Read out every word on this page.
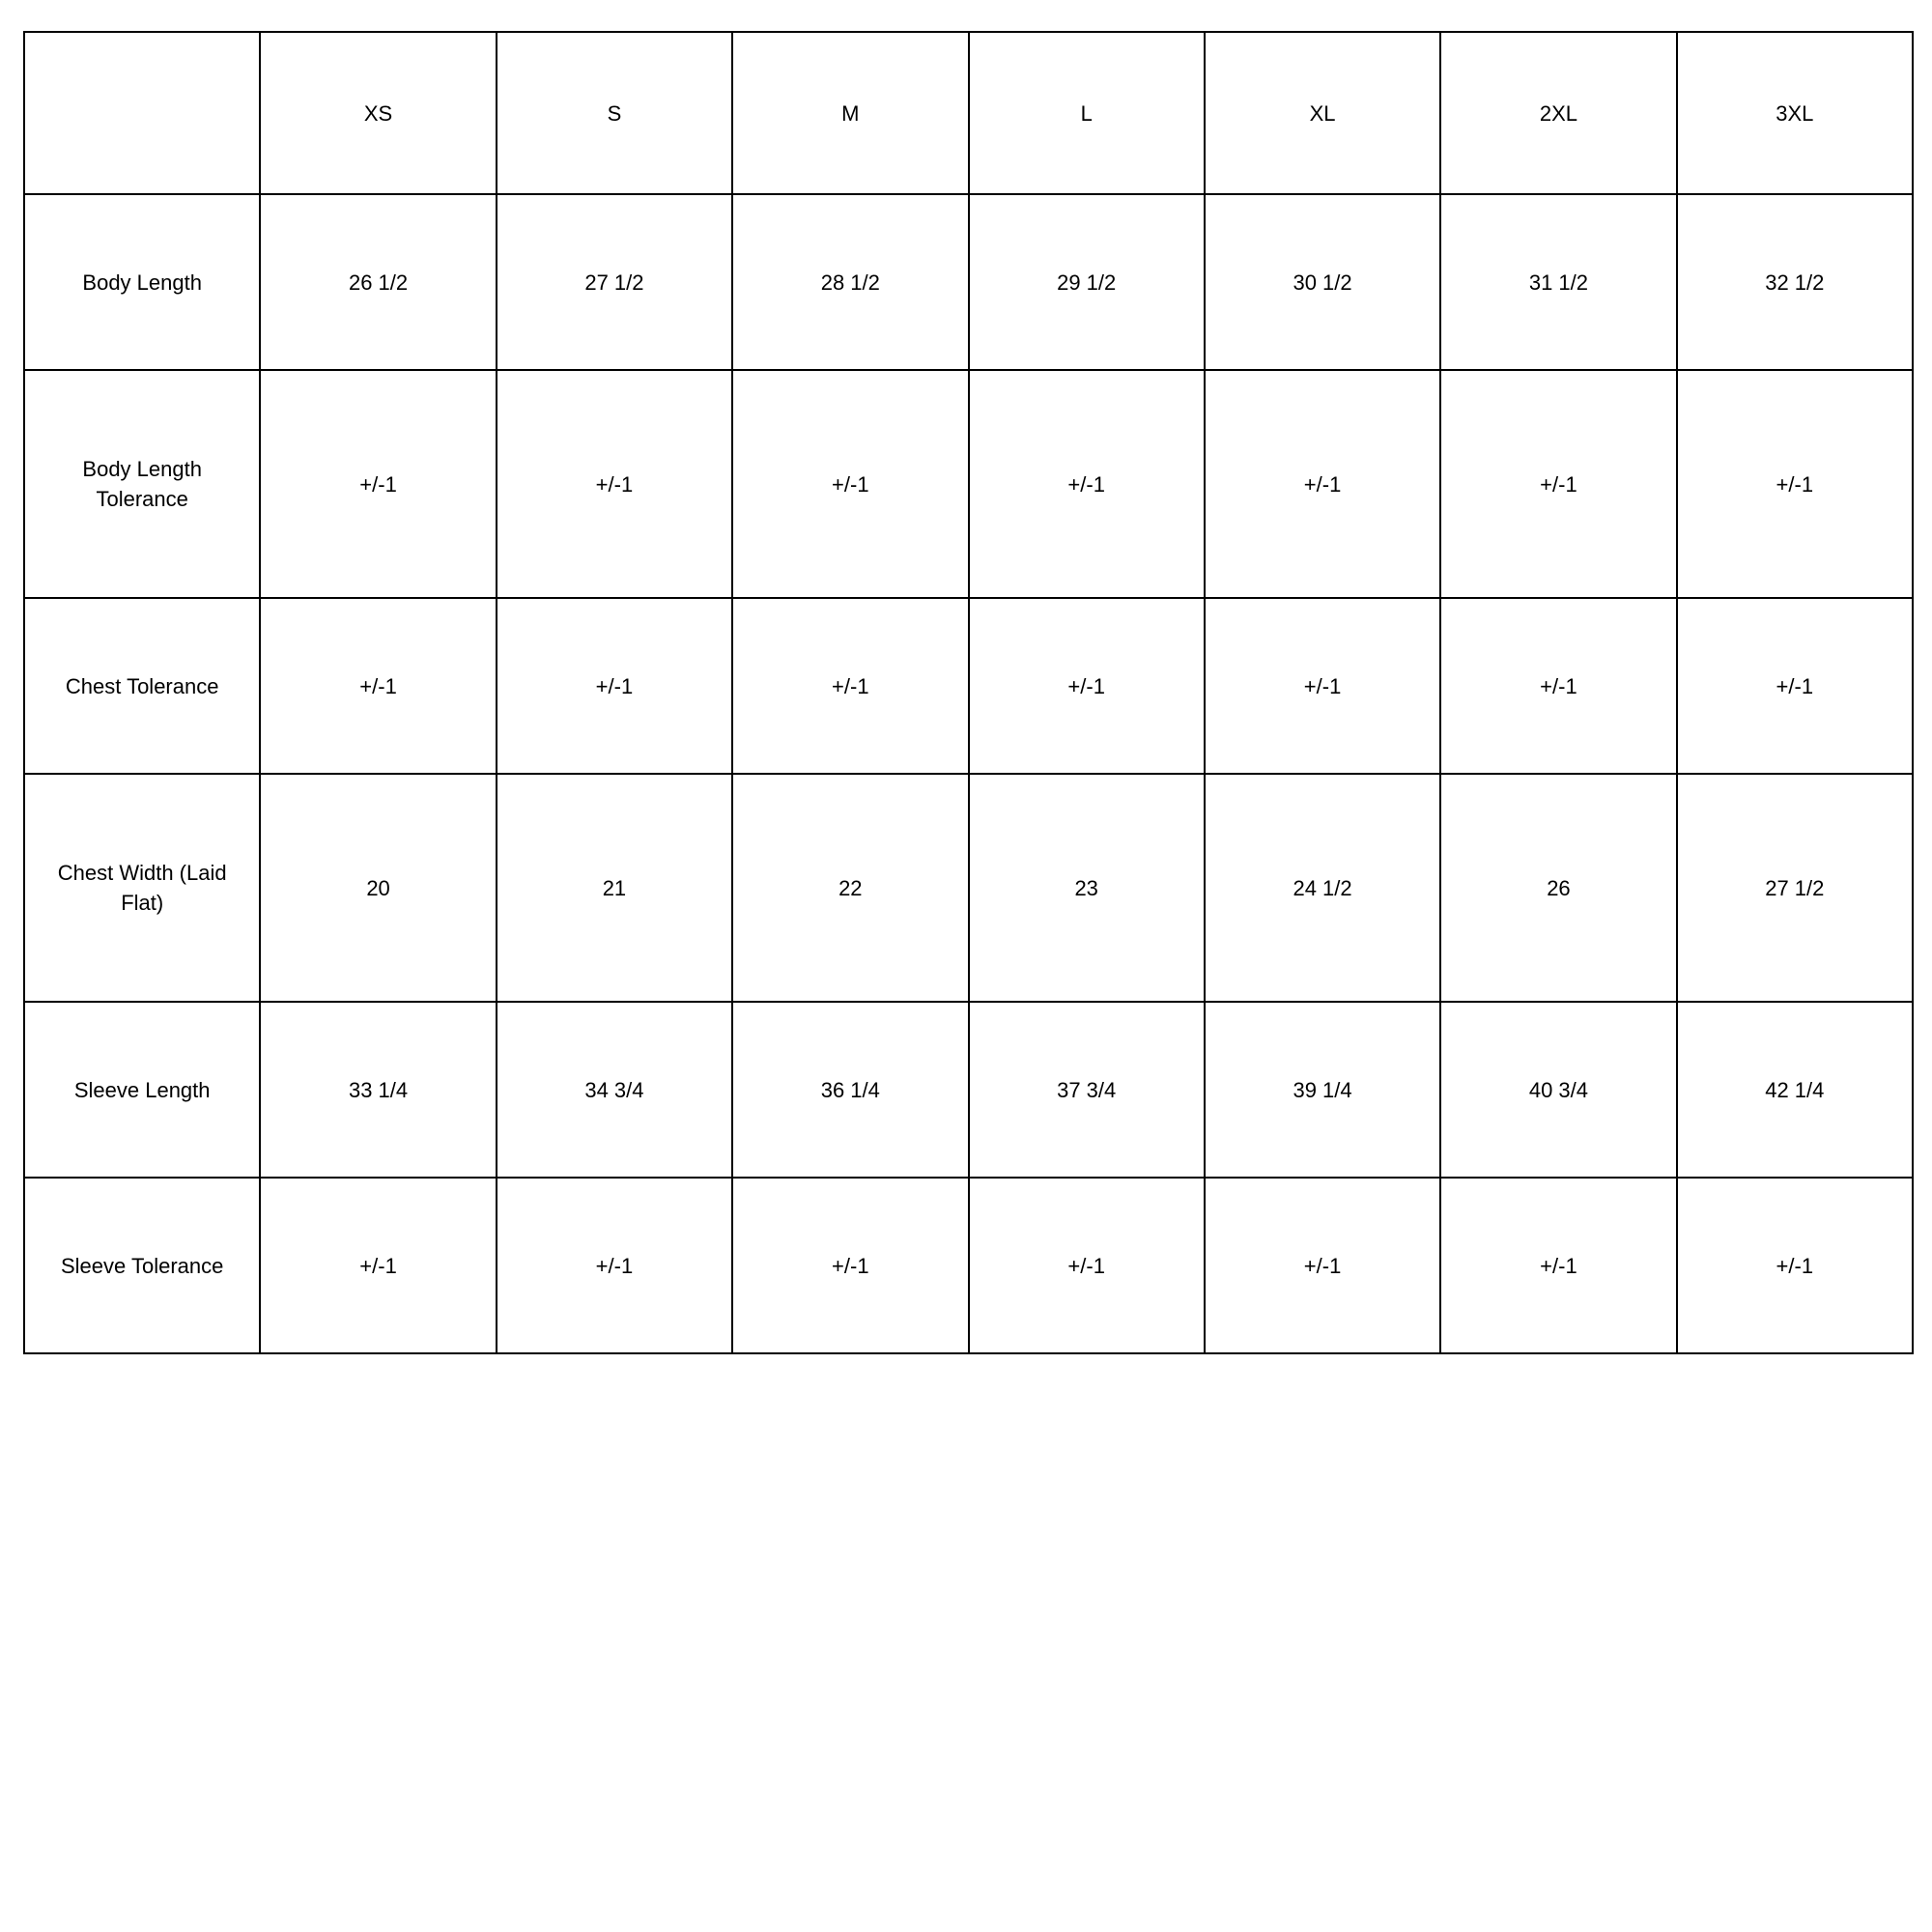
	XS	S	M	L	XL	2XL	3XL
Body Length	26 1/2	27 1/2	28 1/2	29 1/2	30 1/2	31 1/2	32 1/2
Body Length Tolerance	+/-1	+/-1	+/-1	+/-1	+/-1	+/-1	+/-1
Chest Tolerance	+/-1	+/-1	+/-1	+/-1	+/-1	+/-1	+/-1
Chest Width (Laid Flat)	20	21	22	23	24 1/2	26	27 1/2
Sleeve Length	33 1/4	34 3/4	36 1/4	37 3/4	39 1/4	40 3/4	42 1/4
Sleeve Tolerance	+/-1	+/-1	+/-1	+/-1	+/-1	+/-1	+/-1
